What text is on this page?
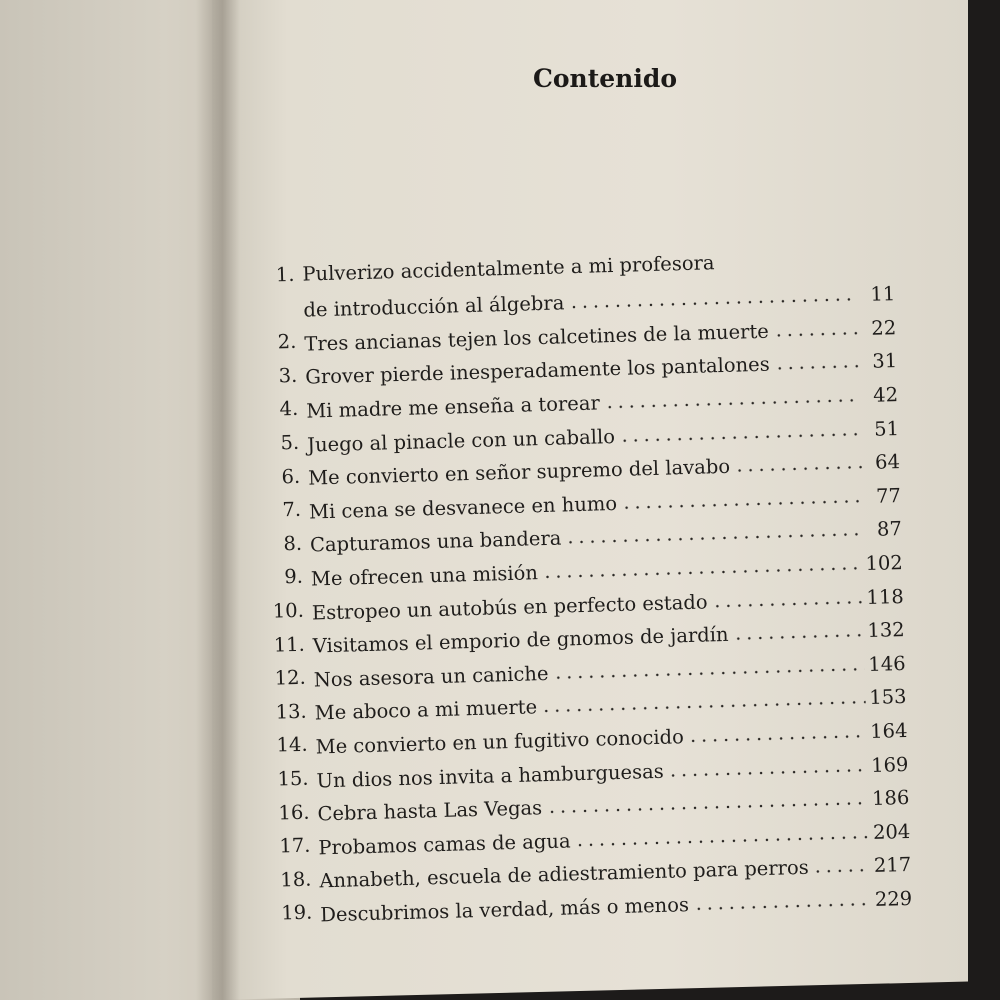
Contenido
1. Pulverizo accidentalmente a mi profesora
de introducción al álgebra	11
2. Tres ancianas tejen los calcetines de la muerte	22
3. Grover pierde inesperadamente los pantalones	31
4. Mi madre me enseña a torear	42
5. Juego al pinacle con un caballo	51
6. Me convierto en señor supremo del lavabo	64
7. Mi cena se desvanece en humo	77
8. Capturamos una bandera	87
9. Me ofrecen una misión	102
10. Estropeo un autobús en perfecto estado	118
11. Visitamos el emporio de gnomos de jardín	132
12. Nos asesora un caniche	146
13. Me aboco a mi muerte	153
14. Me convierto en un fugitivo conocido	164
15. Un dios nos invita a hamburguesas	169
16. Cebra hasta Las Vegas	186
17. Probamos camas de agua	204
18. Annabeth, escuela de adiestramiento para perros	217
19. Descubrimos la verdad, más o menos	229
